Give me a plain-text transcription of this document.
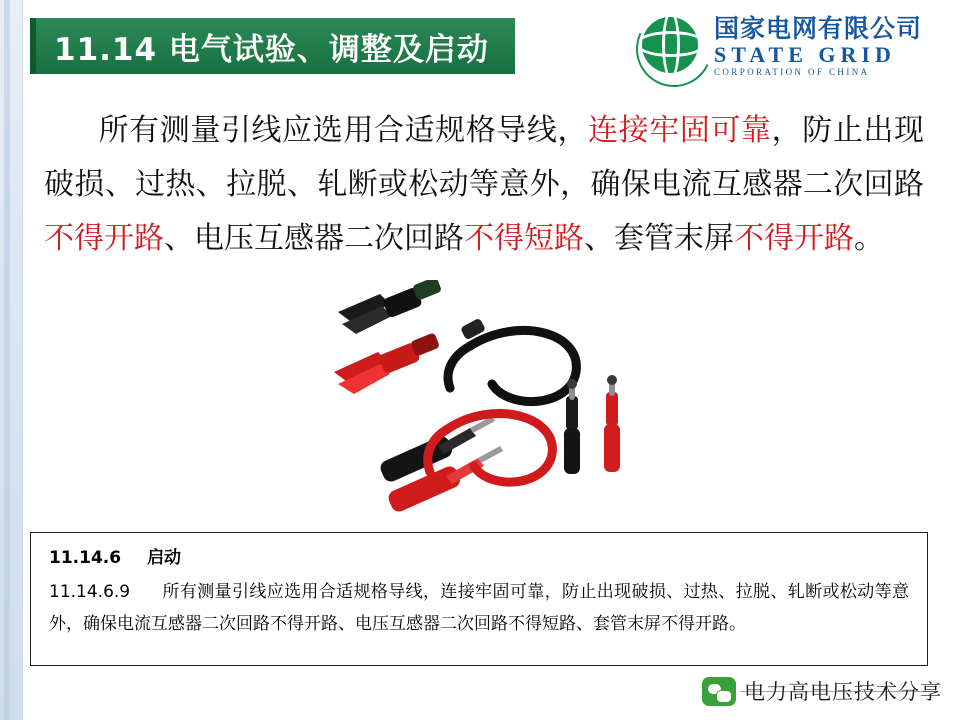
11.14 电气试验、调整及启动
国家电网有限公司
STATE GRID
CORPORATION OF CHINA
所有测量引线应选用合适规格导线，连接牢固可靠，防止出现破损、过热、拉脱、轧断或松动等意外，确保电流互感器二次回路不得开路、电压互感器二次回路不得短路、套管末屏不得开路。
11.14.6 启动
11.14.6.9 所有测量引线应选用合适规格导线，连接牢固可靠，防止出现破损、过热、拉脱、轧断或松动等意外，确保电流互感器二次回路不得开路、电压互感器二次回路不得短路、套管末屏不得开路。
电力高电压技术分享
